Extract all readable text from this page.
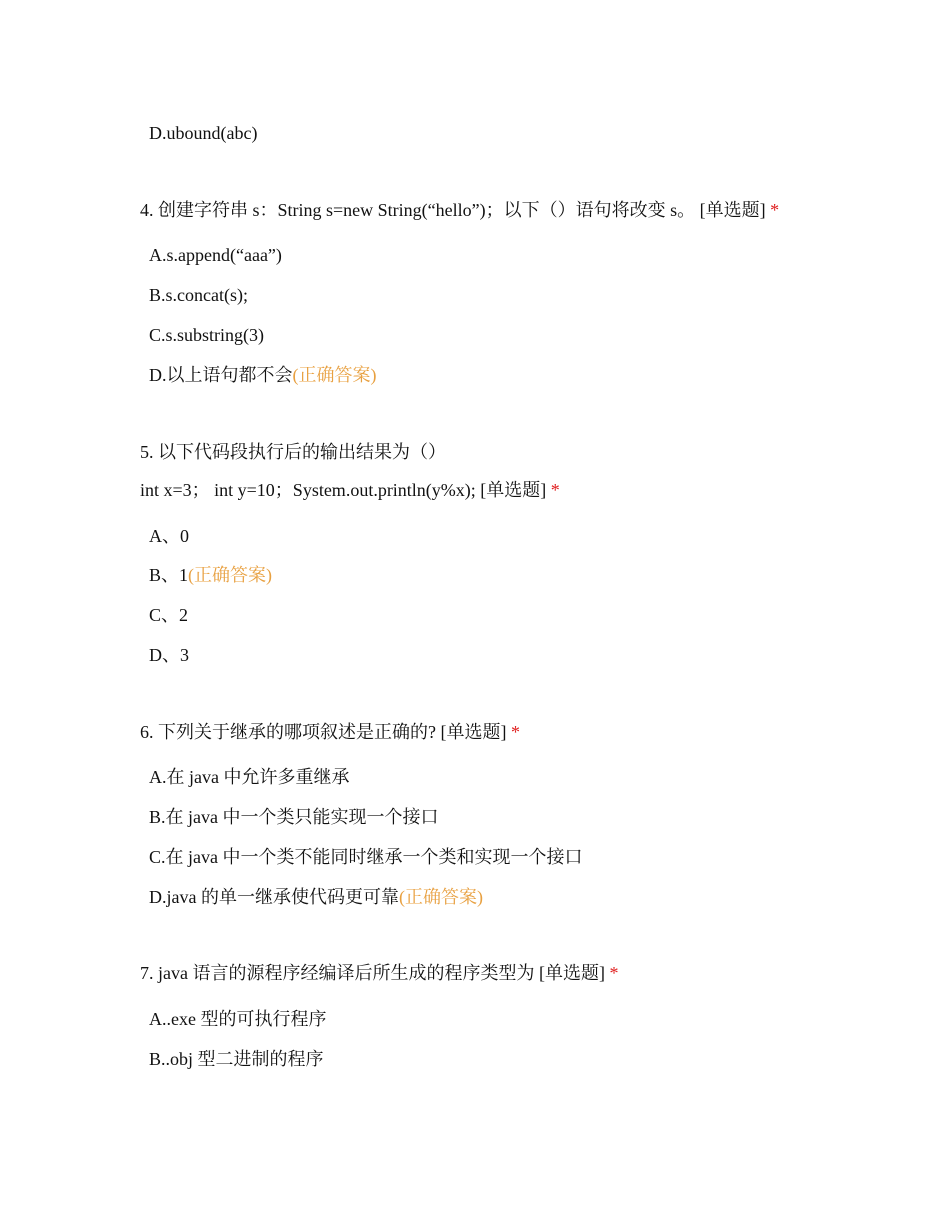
D.ubound(abc)
4. 创建字符串 s：String s=new String(“hello”)；以下（）语句将改变 s。 [单选题] *
A.s.append(“aaa”)
B.s.concat(s);
C.s.substring(3)
D.以上语句都不会(正确答案)
5. 以下代码段执行后的输出结果为（）
int x=3； int y=10；System.out.println(y%x); [单选题] *
A、0
B、1(正确答案)
C、2
D、3
6. 下列关于继承的哪项叙述是正确的? [单选题] *
A.在 java 中允许多重继承
B.在 java 中一个类只能实现一个接口
C.在 java 中一个类不能同时继承一个类和实现一个接口
D.java 的单一继承使代码更可靠(正确答案)
7. java 语言的源程序经编译后所生成的程序类型为 [单选题] *
A..exe 型的可执行程序
B..obj 型二进制的程序
